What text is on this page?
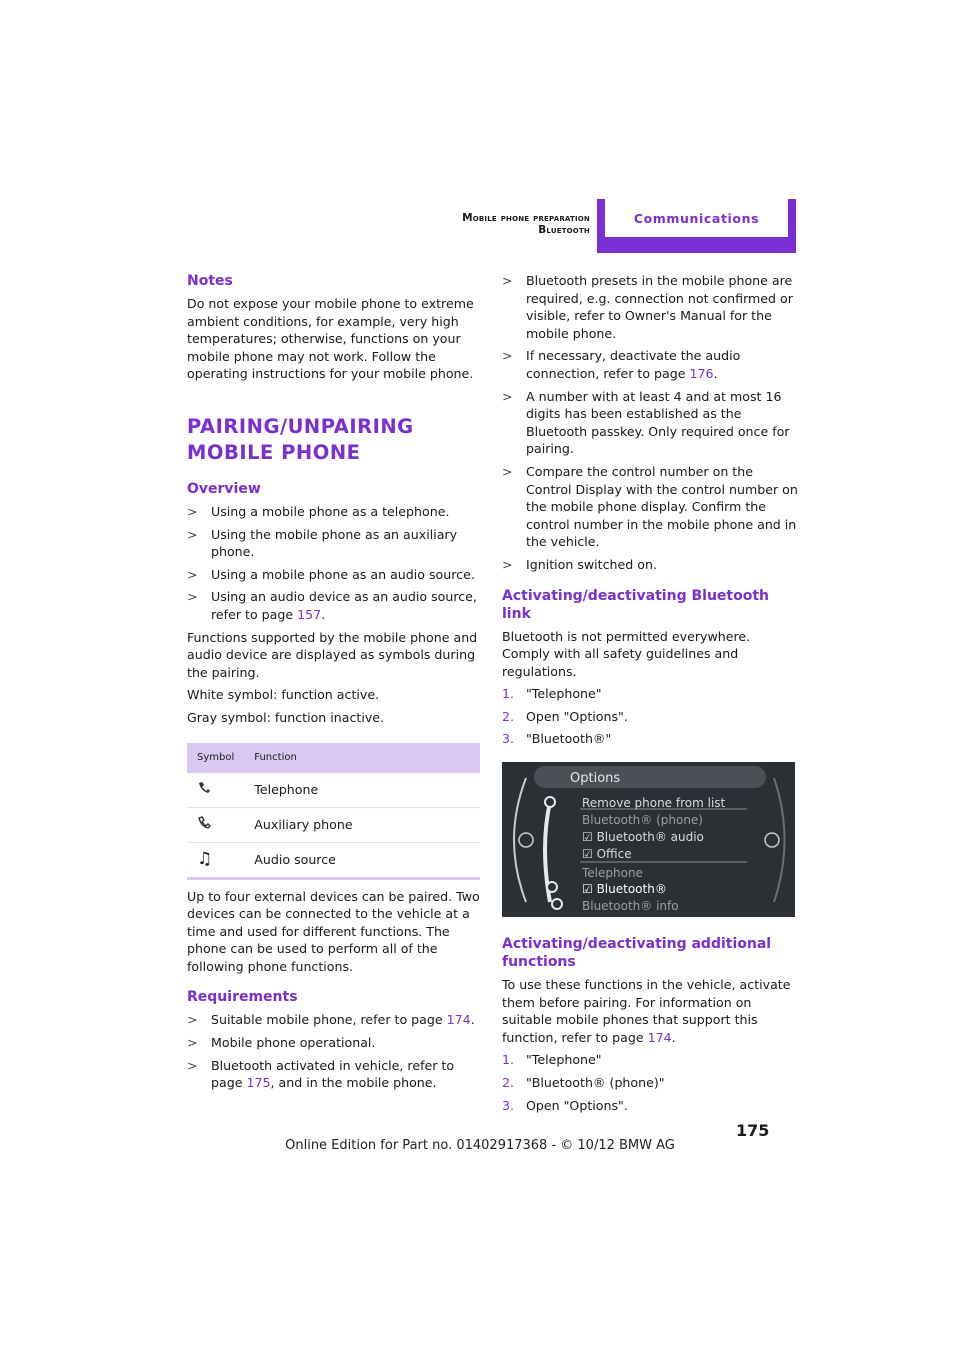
Mobile phone preparation Bluetooth
Communications
Notes

Do not expose your mobile phone to extreme ambient conditions, for example, very high temperatures; otherwise, functions on your mobile phone may not work. Follow the operating instructions for your mobile phone.

PAIRING/UNPAIRING MOBILE PHONE
Overview
>	Using a mobile phone as a telephone.
>	Using the mobile phone as an auxiliary phone.
>	Using a mobile phone as an audio source.
>	Using an audio device as an audio source, refer to page 157.

Functions supported by the mobile phone and audio device are displayed as symbols during the pairing.

White symbol: function active.

Gray symbol: function inactive.

Symbol	Function
	Telephone
	Auxiliary phone
♫	Audio source

Up to four external devices can be paired. Two devices can be connected to the vehicle at a time and used for different functions. The phone can be used to perform all of the following phone functions.

Requirements
>	Suitable mobile phone, refer to page 174.
>	Mobile phone operational.
>	Bluetooth activated in vehicle, refer to page 175, and in the mobile phone.
>	Bluetooth presets in the mobile phone are required, e.g. connection not confirmed or visible, refer to Owner's Manual for the mobile phone.
>	If necessary, deactivate the audio connection, refer to page 176.
>	A number with at least 4 and at most 16 digits has been established as the Bluetooth passkey. Only required once for pairing.
>	Compare the control number on the Control Display with the control number on the mobile phone display. Confirm the control number in the mobile phone and in the vehicle.
>	Ignition switched on.
Activating/deactivating Bluetooth link

Bluetooth is not permitted everywhere. Comply with all safety guidelines and regulations.

1. "Telephone"
2. Open "Options".
3. "Bluetooth®"
Options
Remove phone from list
Bluetooth® (phone)
☑ Bluetooth® audio
☑ Office
Telephone
☑ Bluetooth®
Bluetooth® info
Activating/deactivating additional functions

To use these functions in the vehicle, activate them before pairing. For information on suitable mobile phones that support this function, refer to page 174.

1. "Telephone"
2. "Bluetooth® (phone)"
3. Open "Options".
175
Online Edition for Part no. 01402917368 - © 10/12 BMW AG
